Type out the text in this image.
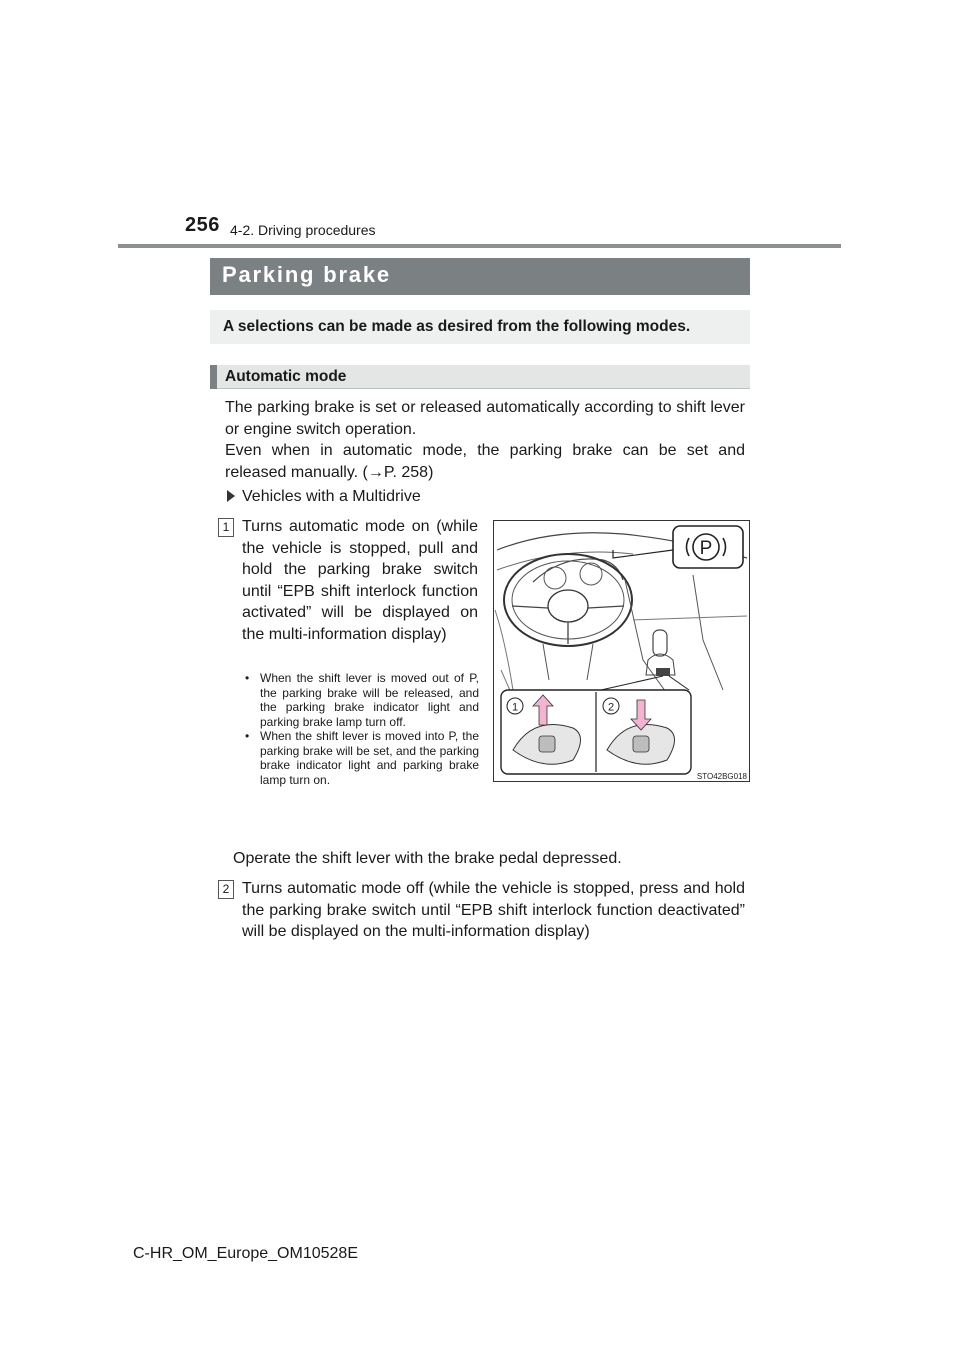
256 4-2. Driving procedures
Parking brake
A selections can be made as desired from the following modes.
Automatic mode
The parking brake is set or released automatically according to shift lever or engine switch operation.
Even when in automatic mode, the parking brake can be set and released manually. (→P. 258)
Vehicles with a Multidrive
1 Turns automatic mode on (while the vehicle is stopped, pull and hold the parking brake switch until “EPB shift interlock function activated” will be displayed on the multi-information display)
• When the shift lever is moved out of P, the parking brake will be released, and the parking brake indicator light and parking brake lamp turn off.
• When the shift lever is moved into P, the parking brake will be set, and the parking brake indicator light and parking brake lamp turn on.
Operate the shift lever with the brake pedal depressed.
2 Turns automatic mode off (while the vehicle is stopped, press and hold the parking brake switch until “EPB shift interlock function deactivated” will be displayed on the multi-information display)
P
1	2
STO42BG018
C-HR_OM_Europe_OM10528E
